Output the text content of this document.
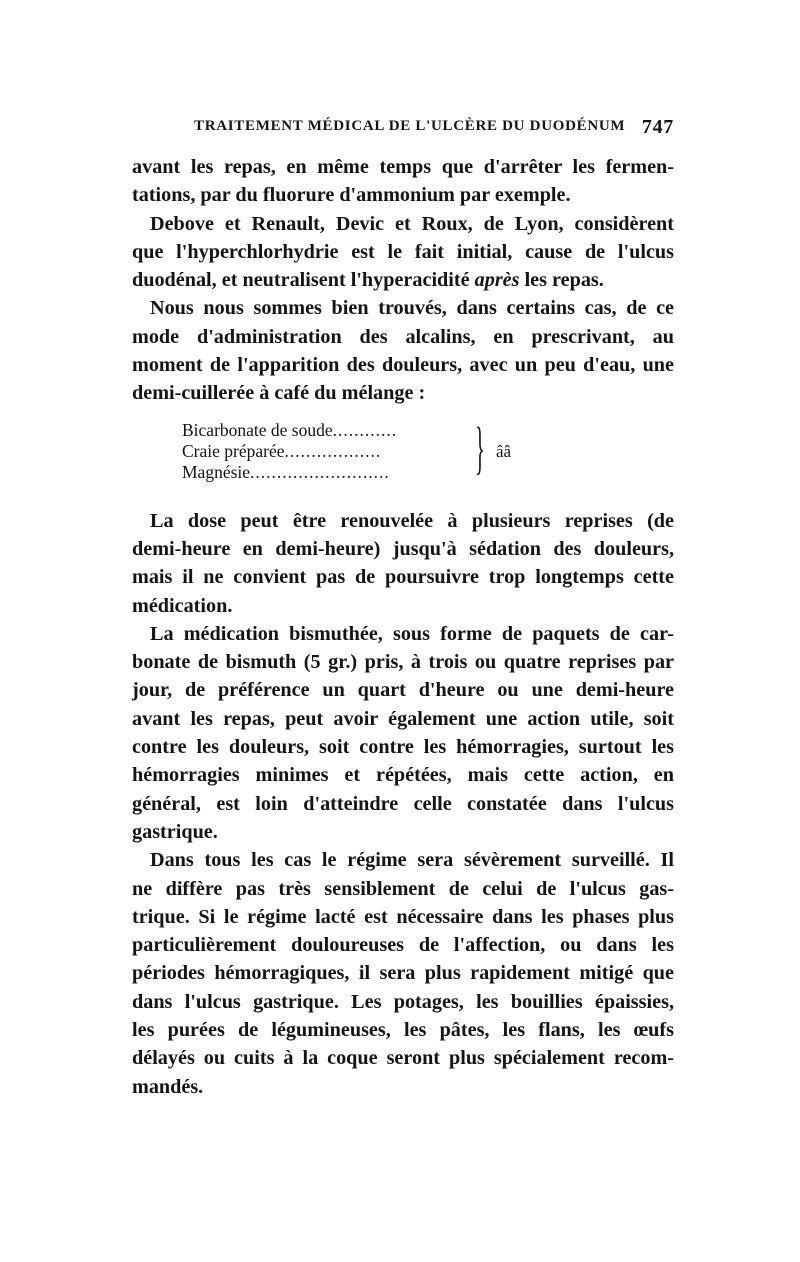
TRAITEMENT MÉDICAL DE L'ULCÈRE DU DUODÉNUM 747
avant les repas, en même temps que d'arrêter les fermen-
tations, par du fluorure d'ammonium par exemple.
Debove et Renault, Devic et Roux, de Lyon, considèrent
que l'hyperchlorhydrie est le fait initial, cause de l'ulcus
duodénal, et neutralisent l'hyperacidité après les repas.
Nous nous sommes bien trouvés, dans certains cas, de ce
mode d'administration des alcalins, en prescrivant, au
moment de l'apparition des douleurs, avec un peu d'eau, une
demi-cuillerée à café du mélange :
Bicarbonate de soude ............
Craie préparée ..................
Magnésie ..........................	} ââ
La dose peut être renouvelée à plusieurs reprises (de
demi-heure en demi-heure) jusqu'à sédation des douleurs,
mais il ne convient pas de poursuivre trop longtemps cette
médication.
La médication bismuthée, sous forme de paquets de car-
bonate de bismuth (5 gr.) pris, à trois ou quatre reprises par
jour, de préférence un quart d'heure ou une demi-heure
avant les repas, peut avoir également une action utile, soit
contre les douleurs, soit contre les hémorragies, surtout les
hémorragies minimes et répétées, mais cette action, en
général, est loin d'atteindre celle constatée dans l'ulcus
gastrique.
Dans tous les cas le régime sera sévèrement surveillé. Il
ne diffère pas très sensiblement de celui de l'ulcus gas-
trique. Si le régime lacté est nécessaire dans les phases plus
particulièrement douloureuses de l'affection, ou dans les
périodes hémorragiques, il sera plus rapidement mitigé que
dans l'ulcus gastrique. Les potages, les bouillies épaissies,
les purées de légumineuses, les pâtes, les flans, les œufs
délayés ou cuits à la coque seront plus spécialement recom-
mandés.
